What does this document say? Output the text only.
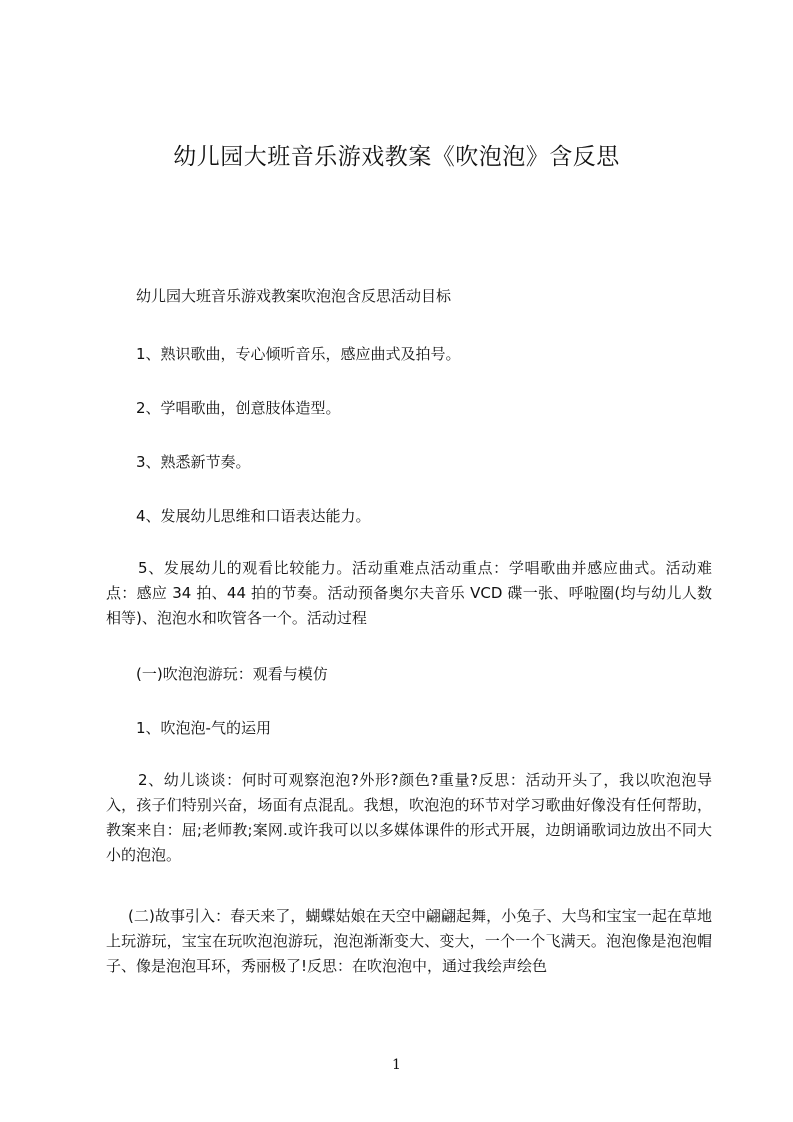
幼儿园大班音乐游戏教案《吹泡泡》含反思

幼儿园大班音乐游戏教案吹泡泡含反思活动目标

1、熟识歌曲，专心倾听音乐，感应曲式及拍号。

2、学唱歌曲，创意肢体造型。

3、熟悉新节奏。

4、发展幼儿思维和口语表达能力。

5、发展幼儿的观看比较能力。活动重难点活动重点：学唱歌曲并感应曲式。活动难点：感应 34 拍、44 拍的节奏。活动预备奥尔夫音乐 VCD 碟一张、呼啦圈(均与幼儿人数相等)、泡泡水和吹管各一个。活动过程

(一)吹泡泡游玩：观看与模仿

1、吹泡泡-气的运用

2、幼儿谈谈：何时可观察泡泡?外形?颜色?重量?反思：活动开头了，我以吹泡泡导入，孩子们特别兴奋，场面有点混乱。我想，吹泡泡的环节对学习歌曲好像没有任何帮助，教案来自：屈;老师教;案网.或许我可以以多媒体课件的形式开展，边朗诵歌词边放出不同大小的泡泡。

(二)故事引入：春天来了，蝴蝶姑娘在天空中翩翩起舞，小兔子、大鸟和宝宝一起在草地上玩游玩，宝宝在玩吹泡泡游玩，泡泡渐渐变大、变大，一个一个飞满天。泡泡像是泡泡帽子、像是泡泡耳环，秀丽极了!反思：在吹泡泡中，通过我绘声绘色

1
